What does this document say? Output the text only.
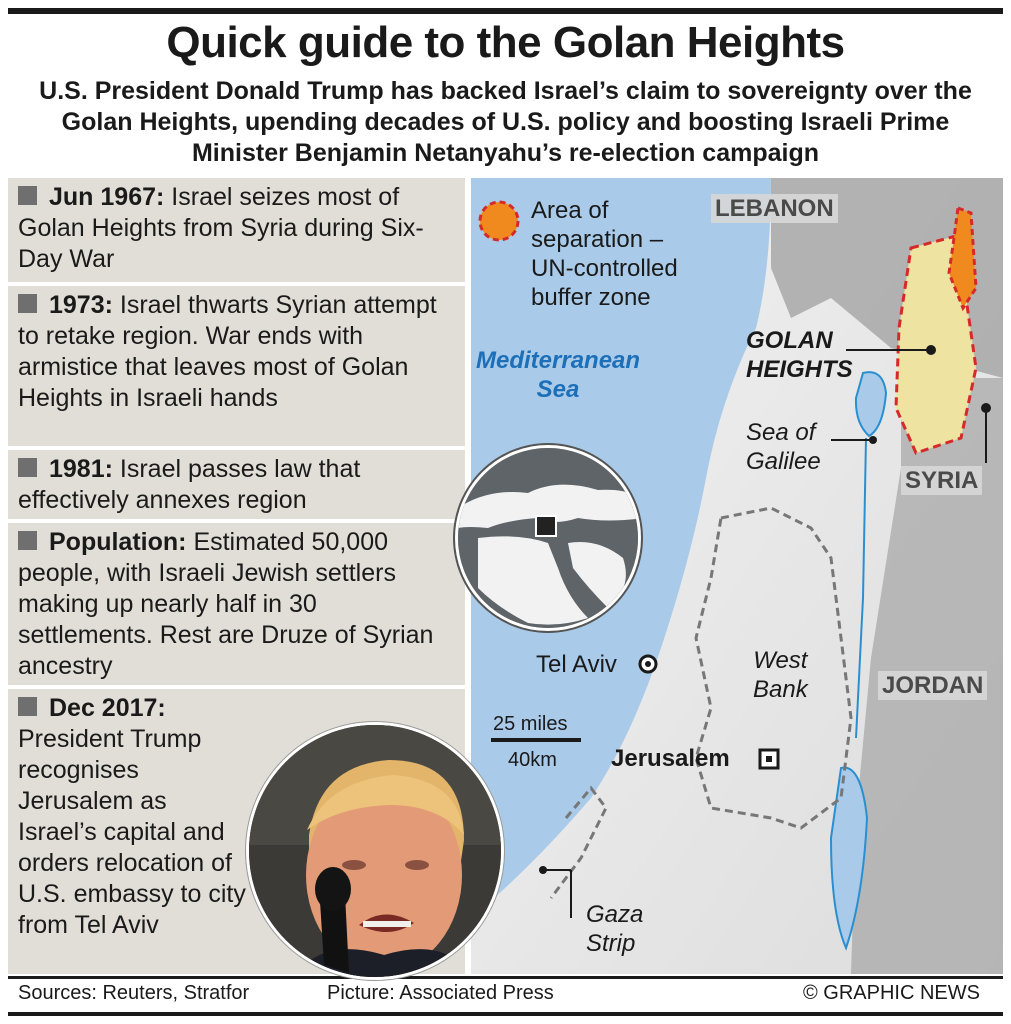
Quick guide to the Golan Heights

U.S. President Donald Trump has backed Israel’s claim to sovereignty over the Golan Heights, upending decades of U.S. policy and boosting Israeli Prime Minister Benjamin Netanyahu’s re-election campaign

Jun 1967: Israel seizes most of Golan Heights from Syria during Six-Day War
1973: Israel thwarts Syrian attempt to retake region. War ends with armistice that leaves most of Golan Heights in Israeli hands
1981: Israel passes law that effectively annexes region
Population: Estimated 50,000 people, with Israeli Jewish settlers making up nearly half in 30 settlements. Rest are Druze of Syrian ancestry
Dec 2017: President Trump recognises Jerusalem as Israel’s capital and orders relocation of U.S. embassy to city from Tel Aviv
Area of
separation –
UN-controlled
buffer zone
LEBANON
SYRIA
JORDAN
Mediterranean
Sea
GOLAN
HEIGHTS
Sea of
Galilee
Tel Aviv
Jerusalem
West
Bank
Gaza
Strip
25 miles
40km
Sources: Reuters, Stratfor	Picture: Associated Press	© GRAPHIC NEWS
